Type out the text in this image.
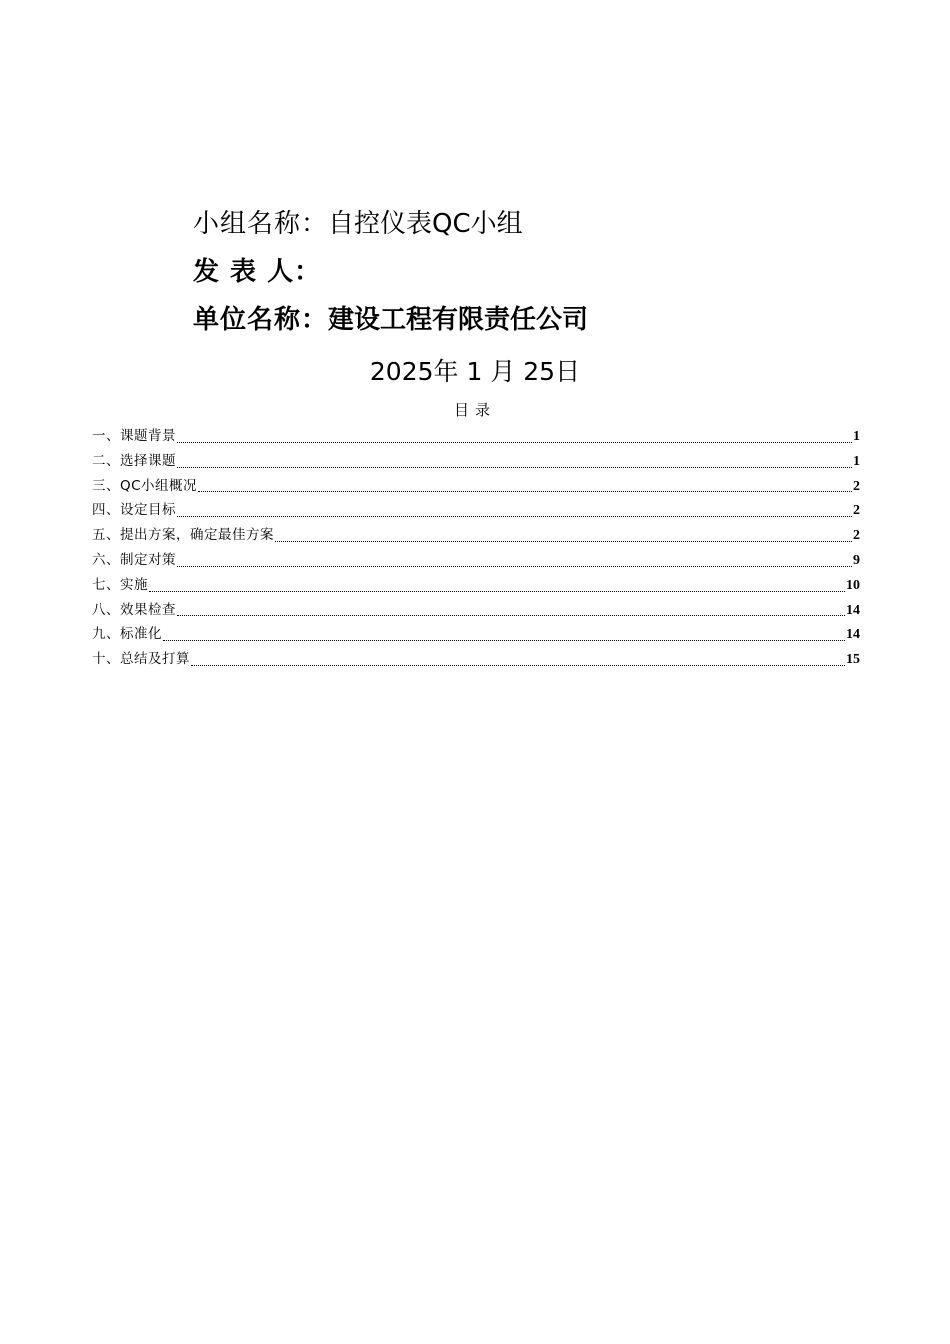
小组名称：自控仪表QC小组
发 表 人：
单位名称：建设工程有限责任公司
2025年 1 月 25日
目录
一、课题背景	1
二、选择课题	1
三、QC小组概况	2
四、设定目标	2
五、提出方案，确定最佳方案	2
六、制定对策	9
七、实施	10
八、效果检查	14
九、标准化	14
十、总结及打算	15
